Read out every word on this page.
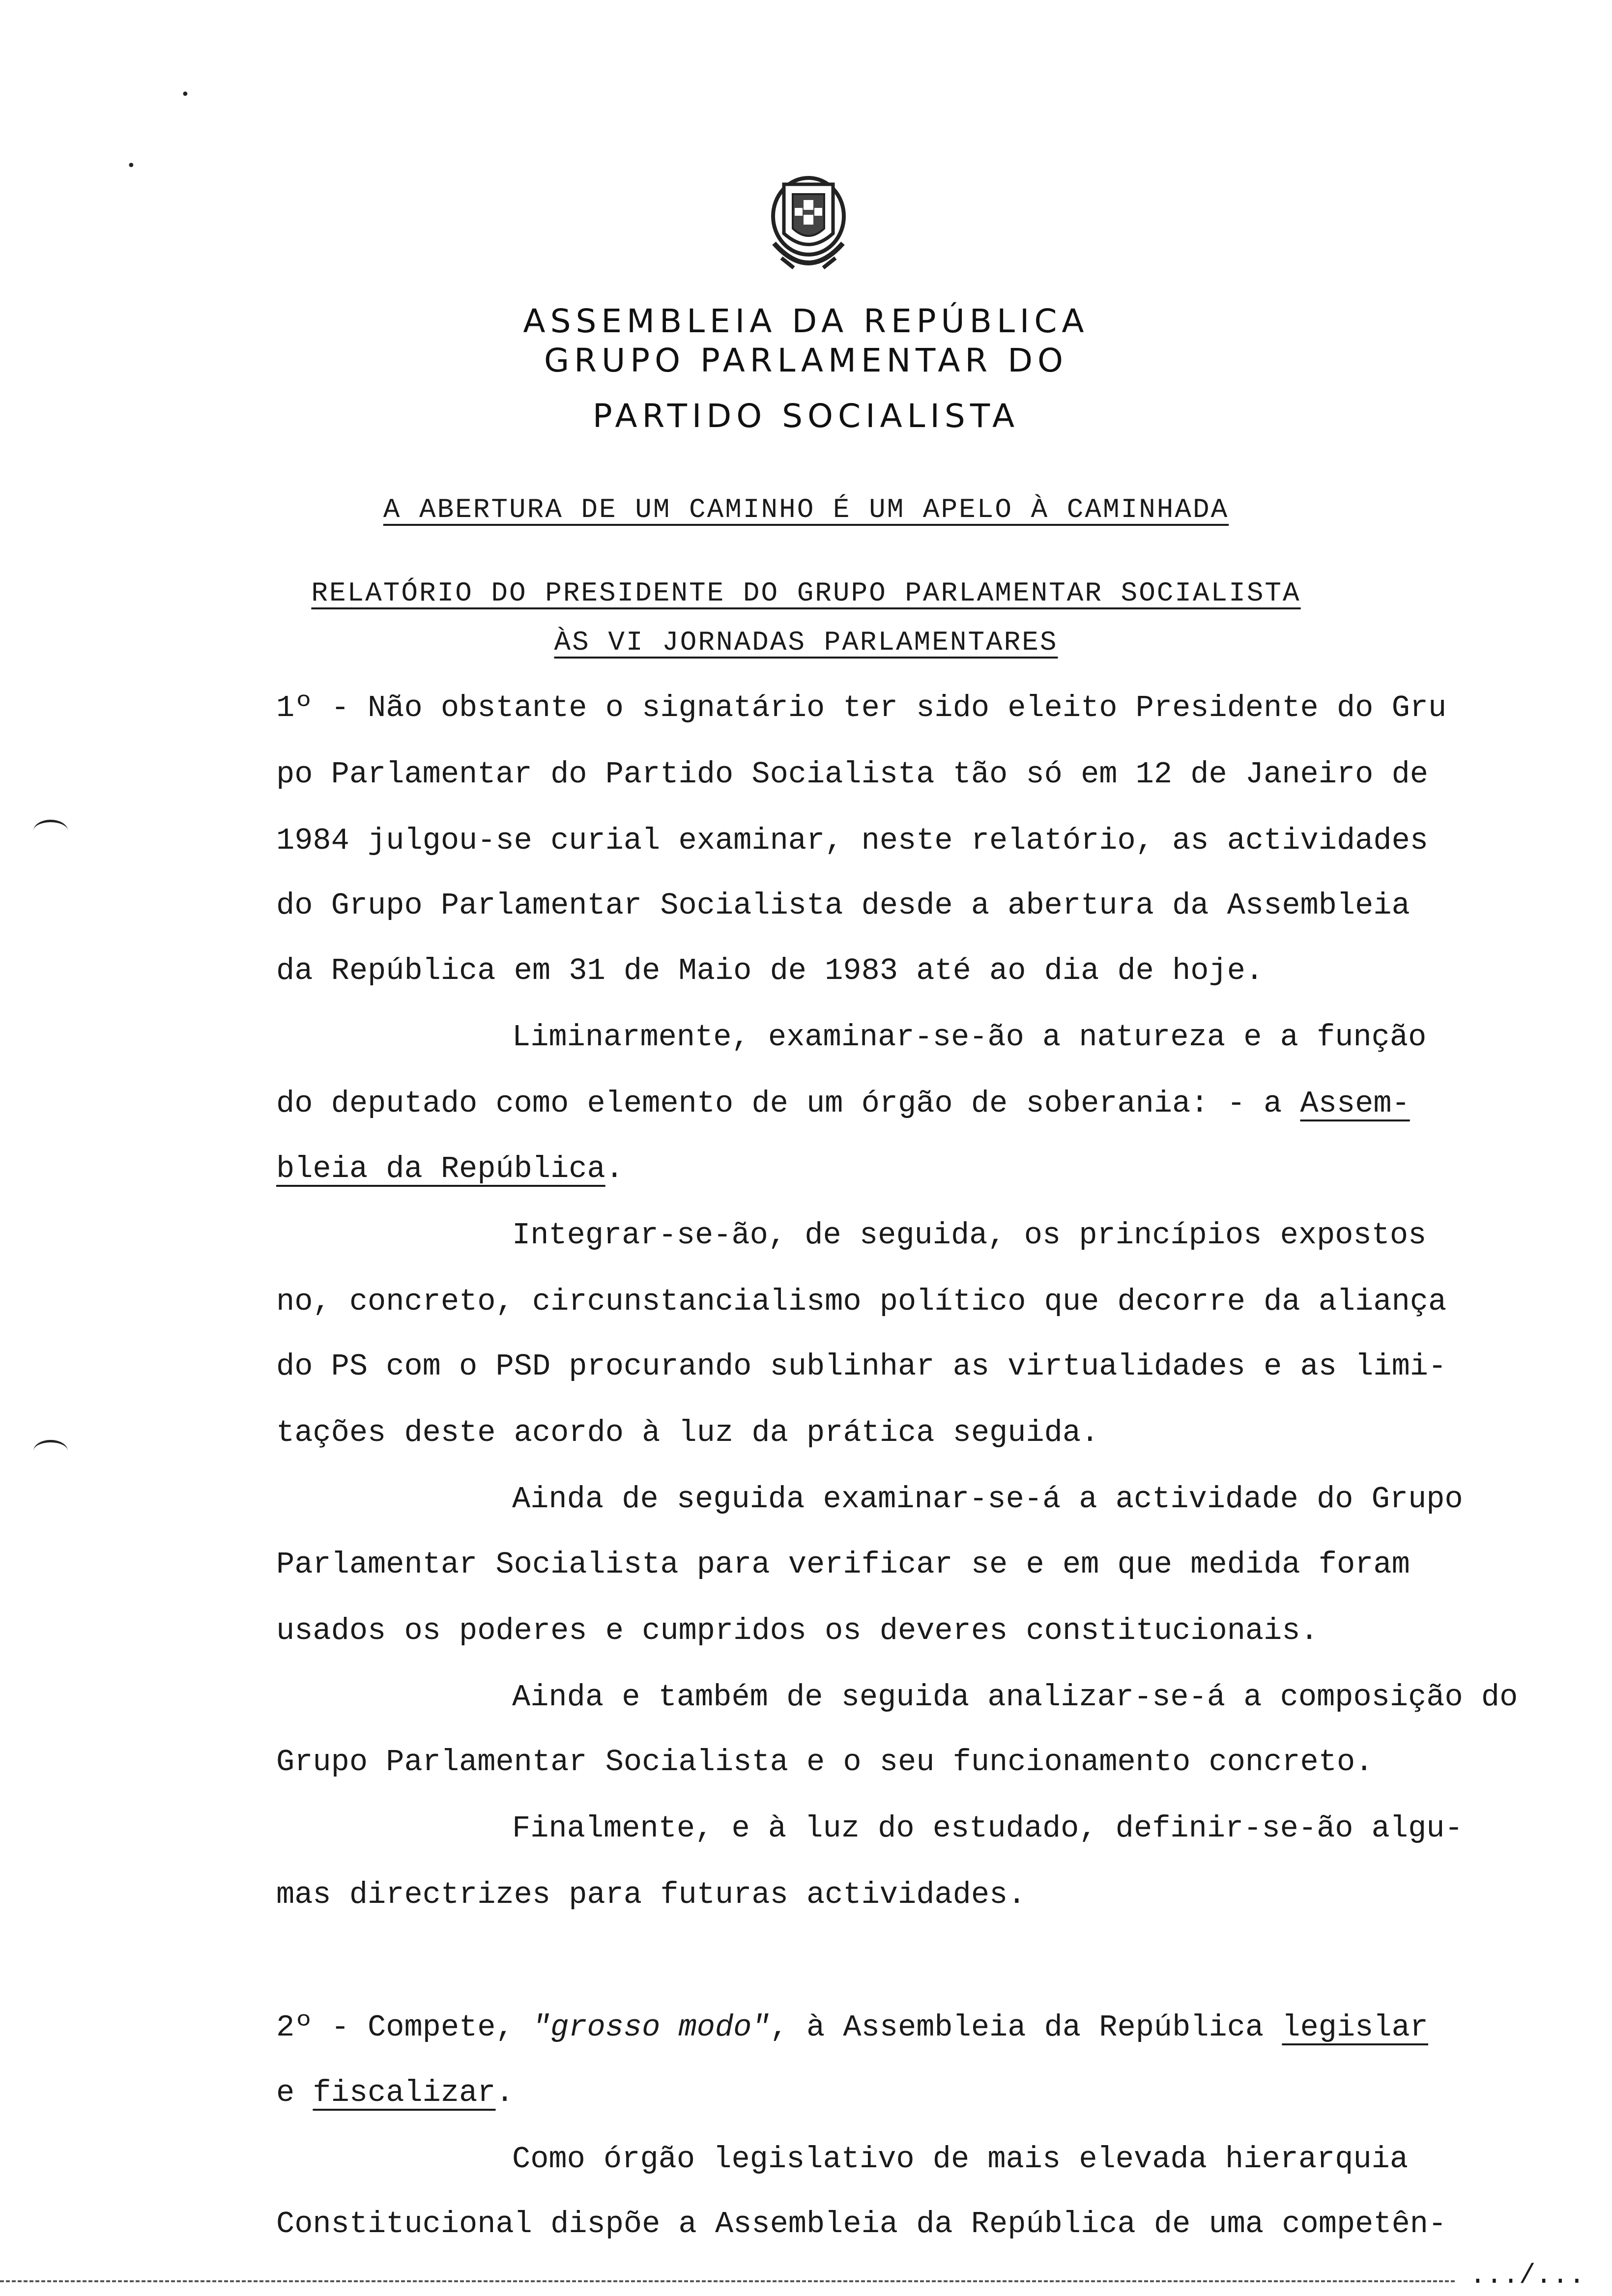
•
•
ASSEMBLEIA DA REPÚBLICA
GRUPO PARLAMENTAR DO
PARTIDO SOCIALISTA
A ABERTURA DE UM CAMINHO É UM APELO À CAMINHADA
RELATÓRIO DO PRESIDENTE DO GRUPO PARLAMENTAR SOCIALISTA
ÀS VI JORNADAS PARLAMENTARES
1º - Não obstante o signatário ter sido eleito Presidente do Gru
po Parlamentar do Partido Socialista tão só em 12 de Janeiro de
1984 julgou-se curial examinar, neste relatório, as actividades
do Grupo Parlamentar Socialista desde a abertura da Assembleia
da República em 31 de Maio de 1983 até ao dia de hoje.
Liminarmente, examinar-se-ão a natureza e a função
do deputado como elemento de um órgão de soberania: - a Assem-
bleia da República.
Integrar-se-ão, de seguida, os princípios expostos
no, concreto, circunstancialismo político que decorre da aliança
do PS com o PSD procurando sublinhar as virtualidades e as limi-
tações deste acordo à luz da prática seguida.
Ainda de seguida examinar-se-á a actividade do Grupo
Parlamentar Socialista para verificar se e em que medida foram
usados os poderes e cumpridos os deveres constitucionais.
Ainda e também de seguida analizar-se-á a composição do
Grupo Parlamentar Socialista e o seu funcionamento concreto.
Finalmente, e à luz do estudado, definir-se-ão algu-
mas directrizes para futuras actividades.
2º - Compete, "grosso modo", à Assembleia da República legislar
e fiscalizar.
Como órgão legislativo de mais elevada hierarquia
Constitucional dispõe a Assembleia da República de uma competên-
.../...
